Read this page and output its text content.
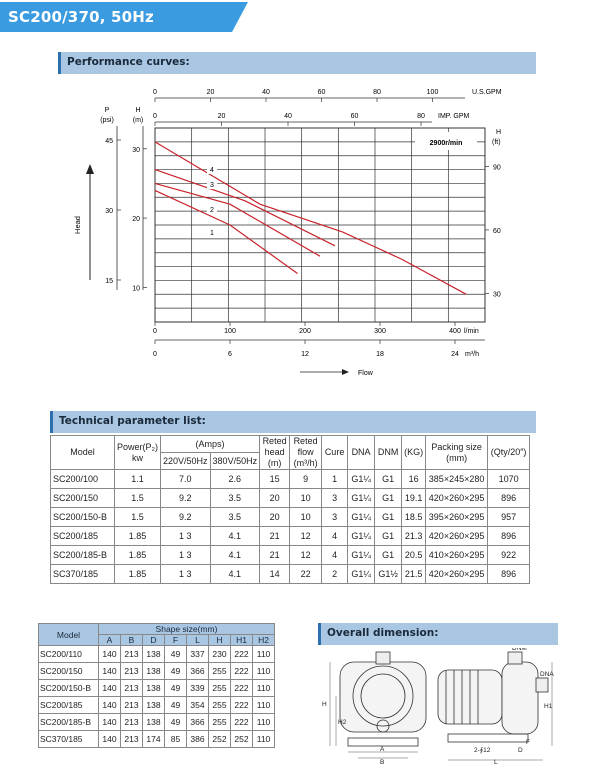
SC200/370, 50Hz
Performance curves:
2900r/min
0	20	40	60	80	100	U.S.GPM
0	20	40	60	80 IMP. GPM
P
(psi)
H
(m)
45
30
15
30
20
10
Head
H
(ft)
90
60
30
0	100	200	300	400 l/min
0	6	12	18	24 m³/h
Flow
1
2
3
4
Technical parameter list:
Model	Power(P₂)
kw	(Amps)		Reted head (m)	Reted flow (m³/h)	Cure	DNA	DNM	(KG)	Packing size (mm)	(Qty/20″)
		220V/50Hz	380V/50Hz								
SC200/100	1.1	7.0	2.6	15	9	1	G1¼	G1	16	385×245×280	1070
SC200/150	1.5	9.2	3.5	20	10	3	G1¼	G1	19.1	420×260×295	896
SC200/150-B	1.5	9.2	3.5	20	10	3	G1¼	G1	18.5	395×260×295	957
SC200/185	1.85	1 3	4.1	21	12	4	G1¼	G1	21.3	420×260×295	896
SC200/185-B	1.85	1 3	4.1	21	12	4	G1¼	G1	20.5	410×260×295	922
SC370/185	1.85	1 3	4.1	14	22	2	G1¼	G1½	21.5	420×260×295	896
Model	Shape size(mm)							
	A	B	D	F	L	H	H1	H2
SC200/110	140	213	138	49	337	230	222	110
SC200/150	140	213	138	49	366	255	222	110
SC200/150-B	140	213	138	49	339	255	222	110
SC200/185	140	213	138	49	354	255	222	110
SC200/185-B	140	213	138	49	366	255	222	110
SC370/185	140	213	174	85	386	252	252	110
Overall dimension:
H
H2
DNM
DNA
H1
A
B	L
D
F
2-∮12
